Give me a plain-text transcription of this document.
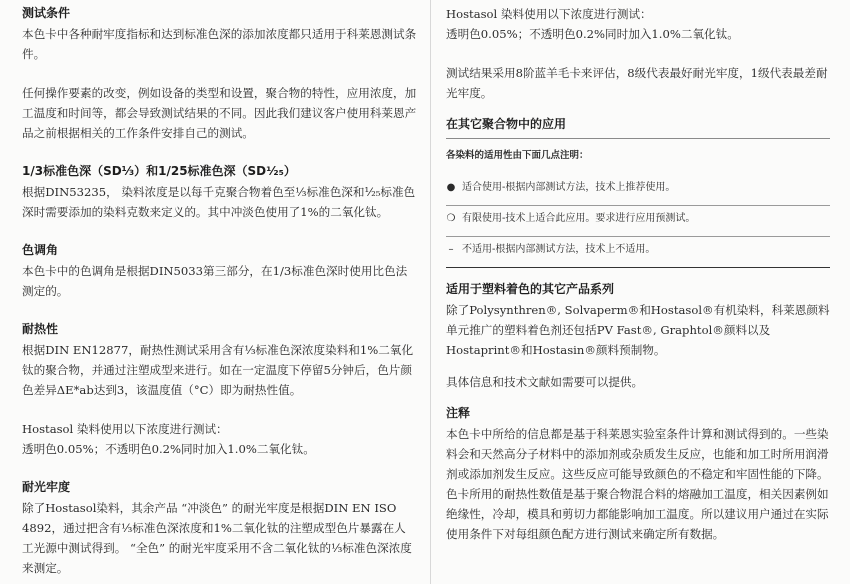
测试条件

本色卡中各种耐牢度指标和达到标准色深的添加浓度都只适用于科莱恩测试条件。

任何操作要素的改变，例如设备的类型和设置，聚合物的特性，应用浓度，加工温度和时间等，都会导致测试结果的不同。因此我们建议客户使用科莱恩产品之前根据相关的工作条件安排自己的测试。

1/3标准色深（SD⅓）和1/25标准色深（SD¹⁄₂₅）

根据DIN53235， 染料浓度是以每千克聚合物着色至⅓标准色深和¹⁄₂₅标准色深时需要添加的染料克数来定义的。其中冲淡色使用了1%的二氧化钛。

色调角

本色卡中的色调角是根据DIN5033第三部分，在1/3标准色深时使用比色法测定的。

耐热性

根据DIN EN12877，耐热性测试采用含有⅓标准色深浓度染料和1%二氧化钛的聚合物，并通过注塑成型来进行。如在一定温度下停留5分钟后，色片颜色差异ΔE*ab达到3，该温度值（°C）即为耐热性值。

Hostasol 染料使用以下浓度进行测试：

透明色0.05%；不透明色0.2%同时加入1.0%二氧化钛。

耐光牢度

除了Hostasol染料，其余产品 “冲淡色” 的耐光牢度是根据DIN EN ISO 4892，通过把含有⅓标准色深浓度和1%二氧化钛的注塑成型色片暴露在人工光源中测试得到。 “全色” 的耐光牢度采用不含二氧化钛的⅓标准色深浓度来测定。

Hostasol 染料使用以下浓度进行测试：

透明色0.05%；不透明色0.2%同时加入1.0%二氧化钛。

测试结果采用8阶蓝羊毛卡来评估，8级代表最好耐光牢度，1级代表最差耐光牢度。

在其它聚合物中的应用
各染料的适用性由下面几点注明：
● 适合使用-根据内部测试方法，技术上推荐使用。
❍ 有限使用-技术上适合此应用。要求进行应用预测试。
– 不适用-根据内部测试方法，技术上不适用。
适用于塑料着色的其它产品系列

除了Polysynthren®, Solvaperm®和Hostasol®有机染料，科莱恩颜料单元推广的塑料着色剂还包括PV Fast®, Graphtol®颜料以及Hostaprint®和Hostasin®颜料预制物。

具体信息和技术文献如需要可以提供。

注释

本色卡中所给的信息都是基于科莱恩实验室条件计算和测试得到的。一些染料会和天然高分子材料中的添加剂或杂质发生反应，也能和加工时所用润滑剂或添加剂发生反应。这些反应可能导致颜色的不稳定和牢固性能的下降。色卡所用的耐热性数值是基于聚合物混合料的熔融加工温度，相关因素例如绝缘性，冷却，模具和剪切力都能影响加工温度。所以建议用户通过在实际使用条件下对每组颜色配方进行测试来确定所有数据。
